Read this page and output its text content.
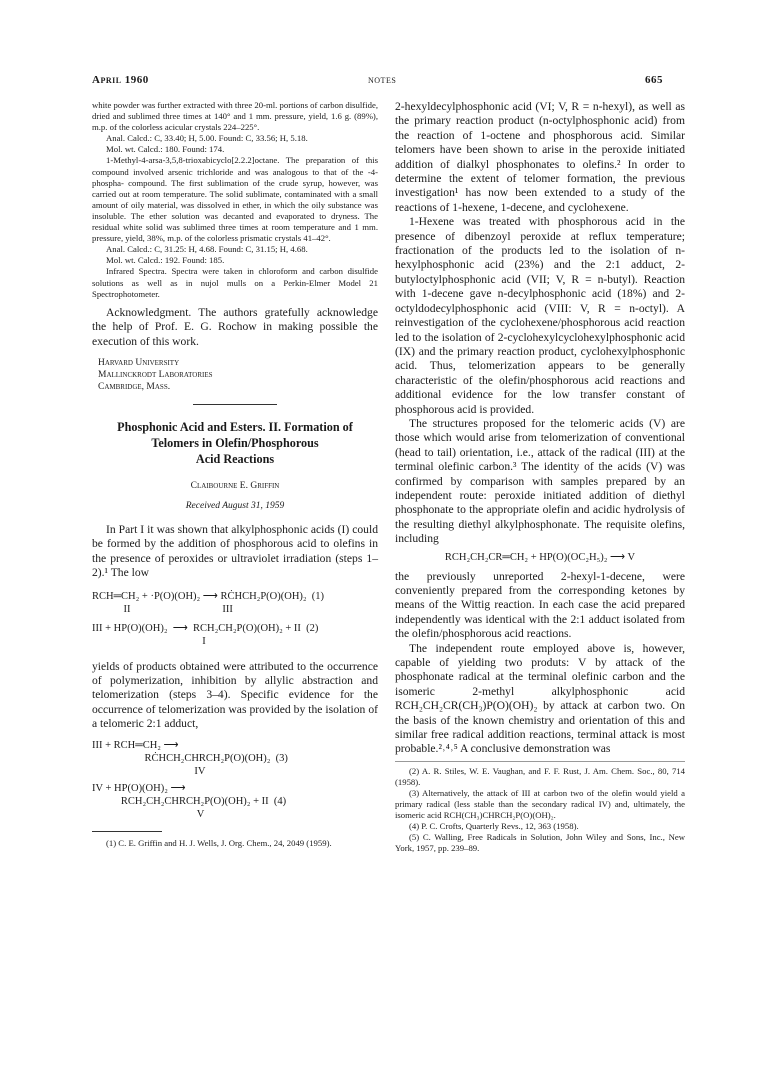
April 1960	notes	665

white powder was further extracted with three 20-ml. portions of carbon disulfide, dried and sublimed three times at 140° and 1 mm. pressure, yield, 1.6 g. (89%), m.p. of the colorless acicular crystals 224–225°.

Anal. Calcd.: C, 33.40; H, 5.00. Found: C, 33.56; H, 5.18.

Mol. wt. Calcd.: 180. Found: 174.

1-Methyl-4-arsa-3,5,8-trioxabicyclo[2.2.2]octane. The preparation of this compound involved arsenic trichloride and was analogous to that of the -4-phospha- compound. The first sublimation of the crude syrup, however, was carried out at room temperature. The solid sublimate, contaminated with a small amount of oily material, was dissolved in ether, in which the oily substance was insoluble. The ether solution was decanted and evaporated to dryness. The residual white solid was sublimed three times at room temperature and 1 mm. pressure, yield, 38%, m.p. of the colorless prismatic crystals 41–42°.

Anal. Calcd.: C, 31.25: H, 4.68. Found: C, 31.15; H, 4.68.

Mol. wt. Calcd.: 192. Found: 185.

Infrared Spectra. Spectra were taken in chloroform and carbon disulfide solutions as well as in nujol mulls on a Perkin-Elmer Model 21 Spectrophotometer.

Acknowledgment. The authors gratefully acknowledge the help of Prof. E. G. Rochow in making possible the execution of this work.

Harvard University
Mallinckrodt Laboratories
Cambridge, Mass.
Phosphonic Acid and Esters. II. Formation of
Telomers in Olefin/Phosphorous
Acid Reactions
Claibourne E. Griffin
Received August 31, 1959

In Part I it was shown that alkylphosphonic acids (I) could be formed by the addition of phosphorous acid to olefins in the presence of peroxides or ultraviolet irradiation (steps 1–2).¹ The low

RCH═CH₂ + ·P(O)(OH)₂ ⟶ RĊHCH₂P(O)(OH)₂  (1)
II                                   III
III + HP(O)(OH)₂  ⟶  RCH₂CH₂P(O)(OH)₂ + II  (2)
I

yields of products obtained were attributed to the occurrence of polymerization, inhibition by allylic abstraction and telomerization (steps 3–4). Specific evidence for the occurrence of telomerization was provided by the isolation of a telomeric 2:1 adduct,

III + RCH═CH₂ ⟶
RĊHCH₂CHRCH₂P(O)(OH)₂  (3)
IV
IV + HP(O)(OH)₂ ⟶
RCH₂CH₂CHRCH₂P(O)(OH)₂ + II  (4)
V

(1) C. E. Griffin and H. J. Wells, J. Org. Chem., 24, 2049 (1959).

2-hexyldecylphosphonic acid (VI; V, R = n-hexyl), as well as the primary reaction product (n-octylphosphonic acid) from the reaction of 1-octene and phosphorous acid. Similar telomers have been shown to arise in the peroxide initiated addition of dialkyl phosphonates to olefins.² In order to determine the extent of telomer formation, the previous investigation¹ has now been extended to a study of the reactions of 1-hexene, 1-decene, and cyclohexene.

1-Hexene was treated with phosphorous acid in the presence of dibenzoyl peroxide at reflux temperature; fractionation of the products led to the isolation of n-hexylphosphonic acid (23%) and the 2:1 adduct, 2-butyloctylphosphonic acid (VII; V, R = n-butyl). Reaction with 1-decene gave n-decylphosphonic acid (18%) and 2-octyldodecylphosphonic acid (VIII: V, R = n-octyl). A reinvestigation of the cyclohexene/phosphorous acid reaction led to the isolation of 2-cyclohexylcyclohexylphosphonic acid (IX) and the primary reaction product, cyclohexylphosphonic acid. Thus, telomerization appears to be generally characteristic of the olefin/phosphorous acid reactions and additional evidence for the low transfer constant of phosphorous acid is provided.

The structures proposed for the telomeric acids (V) are those which would arise from telomerization of conventional (head to tail) orientation, i.e., attack of the radical (III) at the terminal olefinic carbon.³ The identity of the acids (V) was confirmed by comparison with samples prepared by an independent route: peroxide initiated addition of diethyl phosphonate to the appropriate olefin and acidic hydrolysis of the resulting diethyl alkylphosphonate. The requisite olefins, including

RCH₂CH₂CR═CH₂ + HP(O)(OC₂H₅)₂ ⟶ V

the previously unreported 2-hexyl-1-decene, were conveniently prepared from the corresponding ketones by means of the Wittig reaction. In each case the acid prepared independently was identical with the 2:1 adduct isolated from the olefin/phosphorous acid reactions.

The independent route employed above is, however, capable of yielding two produts: V by attack of the phosphonate radical at the terminal olefinic carbon and the isomeric 2-methyl alkylphosphonic acid RCH₂CH₂CR(CH₃)P(O)(OH)₂ by attack at carbon two. On the basis of the known chemistry and orientation of this and similar free radical addition reactions, terminal attack is most probable.²˒⁴˒⁵ A conclusive demonstration was

(2) A. R. Stiles, W. E. Vaughan, and F. F. Rust, J. Am. Chem. Soc., 80, 714 (1958).

(3) Alternatively, the attack of III at carbon two of the olefin would yield a primary radical (less stable than the secondary radical IV) and, ultimately, the isomeric acid RCH(CH₃)CHRCH₂P(O)(OH)₂.

(4) P. C. Crofts, Quarterly Revs., 12, 363 (1958).

(5) C. Walling, Free Radicals in Solution, John Wiley and Sons, Inc., New York, 1957, pp. 239–89.
